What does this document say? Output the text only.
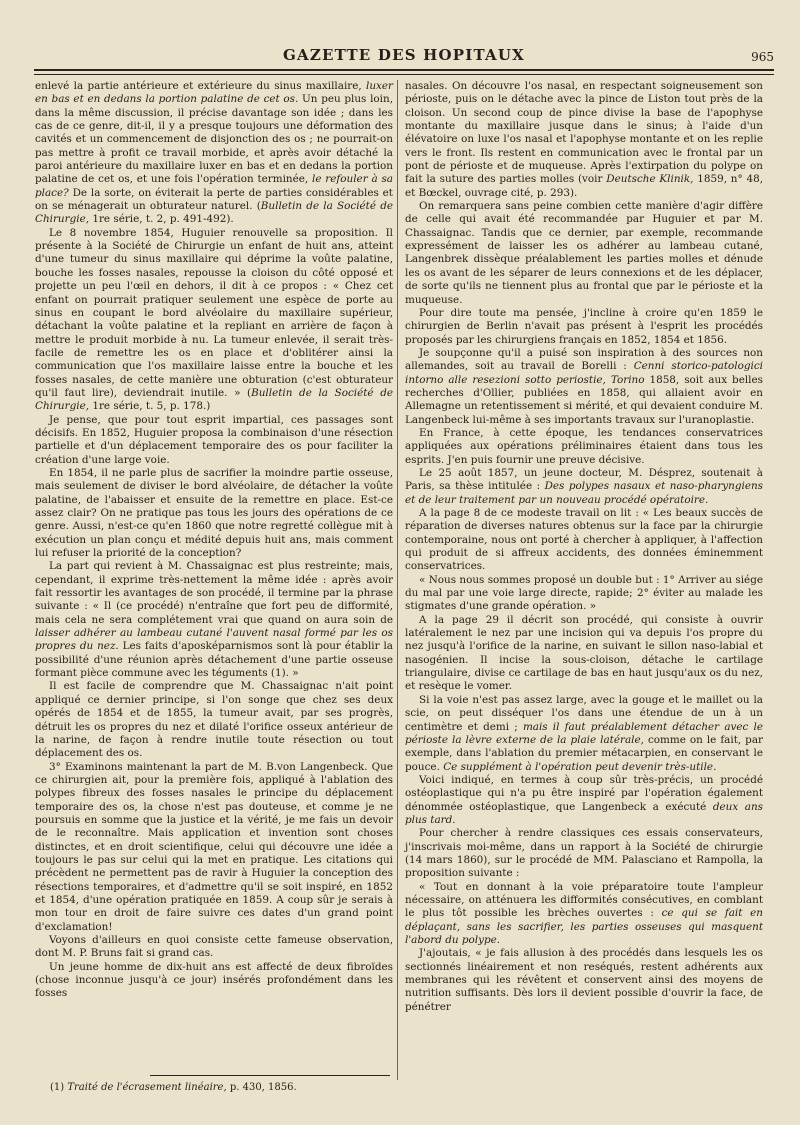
GAZETTE DES HOPITAUX	965

enlevé la partie antérieure et extérieure du sinus maxillaire, luxer en bas et en dedans la portion palatine de cet os. Un peu plus loin, dans la même discussion, il précise davantage son idée ; dans les cas de ce genre, dit-il, il y a presque toujours une déformation des cavités et un commencement de disjonction des os ; ne pourrait-on pas mettre à profit ce travail morbide, et après avoir détaché la paroi antérieure du maxillaire luxer en bas et en dedans la portion palatine de cet os, et une fois l'opération terminée, le refouler à sa place? De la sorte, on éviterait la perte de parties considérables et on se ménagerait un obturateur naturel. (Bulletin de la Société de Chirurgie, 1re série, t. 2, p. 491-492).

Le 8 novembre 1854, Huguier renouvelle sa proposition. Il présente à la Société de Chirurgie un enfant de huit ans, atteint d'une tumeur du sinus maxillaire qui déprime la voûte palatine, bouche les fosses nasales, repousse la cloison du côté opposé et projette un peu l'œil en dehors, il dit à ce propos : « Chez cet enfant on pourrait pratiquer seulement une espèce de porte au sinus en coupant le bord alvéolaire du maxillaire supérieur, détachant la voûte palatine et la repliant en arrière de façon à mettre le produit morbide à nu. La tumeur enlevée, il serait très-facile de remettre les os en place et d'oblitérer ainsi la communication que l'os maxillaire laisse entre la bouche et les fosses nasales, de cette manière une obturation (c'est obturateur qu'il faut lire), deviendrait inutile. » (Bulletin de la Société de Chirurgie, 1re série, t. 5, p. 178.)

Je pense, que pour tout esprit impartial, ces passages sont décisifs. En 1852, Huguier proposa la combinaison d'une résection partielle et d'un déplacement temporaire des os pour faciliter la création d'une large voie.

En 1854, il ne parle plus de sacrifier la moindre partie osseuse, mais seulement de diviser le bord alvéolaire, de détacher la voûte palatine, de l'abaisser et ensuite de la remettre en place. Est-ce assez clair? On ne pratique pas tous les jours des opérations de ce genre. Aussi, n'est-ce qu'en 1860 que notre regretté collègue mit à exécution un plan conçu et médité depuis huit ans, mais comment lui refuser la priorité de la conception?

La part qui revient à M. Chassaignac est plus restreinte; mais, cependant, il exprime très-nettement la même idée : après avoir fait ressortir les avantages de son procédé, il termine par la phrase suivante : « Il (ce procédé) n'entraîne que fort peu de difformité, mais cela ne sera complétement vrai que quand on aura soin de laisser adhérer au lambeau cutané l'auvent nasal formé par les os propres du nez. Les faits d'aposképarnismos sont là pour établir la possibilité d'une réunion après détachement d'une partie osseuse formant pièce commune avec les téguments (1). »

Il est facile de comprendre que M. Chassaignac n'ait point appliqué ce dernier principe, si l'on songe que chez ses deux opérés de 1854 et de 1855, la tumeur avait, par ses progrès, détruit les os propres du nez et dilaté l'orifice osseux antérieur de la narine, de façon à rendre inutile toute résection ou tout déplacement des os.

3° Examinons maintenant la part de M. B.von Langenbeck. Que ce chirurgien ait, pour la première fois, appliqué à l'ablation des polypes fibreux des fosses nasales le principe du déplacement temporaire des os, la chose n'est pas douteuse, et comme je ne poursuis en somme que la justice et la vérité, je me fais un devoir de le reconnaître. Mais application et invention sont choses distinctes, et en droit scientifique, celui qui découvre une idée a toujours le pas sur celui qui la met en pratique. Les citations qui précèdent ne permettent pas de ravir à Huguier la conception des résections temporaires, et d'admettre qu'il se soit inspiré, en 1852 et 1854, d'une opération pratiquée en 1859. A coup sûr je serais à mon tour en droit de faire suivre ces dates d'un grand point d'exclamation!

Voyons d'ailleurs en quoi consiste cette fameuse observation, dont M. P. Bruns fait si grand cas.

Un jeune homme de dix-huit ans est affecté de deux fibroïdes (chose inconnue jusqu'à ce jour) insérés profondément dans les fosses

nasales. On découvre l'os nasal, en respectant soigneusement son périoste, puis on le détache avec la pince de Liston tout près de la cloison. Un second coup de pince divise la base de l'apophyse montante du maxillaire jusque dans le sinus; à l'aide d'un élévatoire on luxe l'os nasal et l'apophyse montante et on les replie vers le front. Ils restent en communication avec le frontal par un pont de périoste et de muqueuse. Après l'extirpation du polype on fait la suture des parties molles (voir Deutsche Klinik, 1859, n° 48, et Bœckel, ouvrage cité, p. 293).

On remarquera sans peine combien cette manière d'agir diffère de celle qui avait été recommandée par Huguier et par M. Chassaignac. Tandis que ce dernier, par exemple, recommande expressément de laisser les os adhérer au lambeau cutané, Langenbrek dissèque préalablement les parties molles et dénude les os avant de les séparer de leurs connexions et de les déplacer, de sorte qu'ils ne tiennent plus au frontal que par le périoste et la muqueuse.

Pour dire toute ma pensée, j'incline à croire qu'en 1859 le chirurgien de Berlin n'avait pas présent à l'esprit les procédés proposés par les chirurgiens français en 1852, 1854 et 1856.

Je soupçonne qu'il a puisé son inspiration à des sources non allemandes, soit au travail de Borelli : Cenni storico-patologici intorno alle resezioni sotto periostie, Torino 1858, soit aux belles recherches d'Ollier, publiées en 1858, qui allaient avoir en Allemagne un retentissement si mérité, et qui devaient conduire M. Langenbeck lui-même à ses importants travaux sur l'uranoplastie.

En France, à cette époque, les tendances conservatrices appliquées aux opérations préliminaires étaient dans tous les esprits. J'en puis fournir une preuve décisive.

Le 25 août 1857, un jeune docteur, M. Désprez, soutenait à Paris, sa thèse intitulée : Des polypes nasaux et naso-pharyngiens et de leur traitement par un nouveau procédé opératoire.

A la page 8 de ce modeste travail on lit : « Les beaux succès de réparation de diverses natures obtenus sur la face par la chirurgie contemporaine, nous ont porté à chercher à appliquer, à l'affection qui produit de si affreux accidents, des données éminemment conservatrices.

« Nous nous sommes proposé un double but : 1° Arriver au siége du mal par une voie large directe, rapide; 2° éviter au malade les stigmates d'une grande opération. »

A la page 29 il décrit son procédé, qui consiste à ouvrir latéralement le nez par une incision qui va depuis l'os propre du nez jusqu'à l'orifice de la narine, en suivant le sillon naso-labial et nasogénien. Il incise la sous-cloison, détache le cartilage triangulaire, divise ce cartilage de bas en haut jusqu'aux os du nez, et resèque le vomer.

Si la voie n'est pas assez large, avec la gouge et le maillet ou la scie, on peut disséquer l'os dans une étendue de un à un centimètre et demi ; mais il faut préalablement détacher avec le périoste la lèvre externe de la plaie latérale, comme on le fait, par exemple, dans l'ablation du premier métacarpien, en conservant le pouce. Ce supplément à l'opération peut devenir très-utile.

Voici indiqué, en termes à coup sûr très-précis, un procédé ostéoplastique qui n'a pu être inspiré par l'opération également dénommée ostéoplastique, que Langenbeck a exécuté deux ans plus tard.

Pour chercher à rendre classiques ces essais conservateurs, j'inscrivais moi-même, dans un rapport à la Société de chirurgie (14 mars 1860), sur le procédé de MM. Palasciano et Rampolla, la proposition suivante :

« Tout en donnant à la voie préparatoire toute l'ampleur nécessaire, on atténuera les difformités consécutives, en comblant le plus tôt possible les brèches ouvertes : ce qui se fait en déplaçant, sans les sacrifier, les parties osseuses qui masquent l'abord du polype.

J'ajoutais, « je fais allusion à des procédés dans lesquels les os sectionnés linéairement et non reséqués, restent adhérents aux membranes qui les révêtent et conservent ainsi des moyens de nutrition suffisants. Dès lors il devient possible d'ouvrir la face, de pénétrer

(1) Traité de l'écrasement linéaire, p. 430, 1856.
